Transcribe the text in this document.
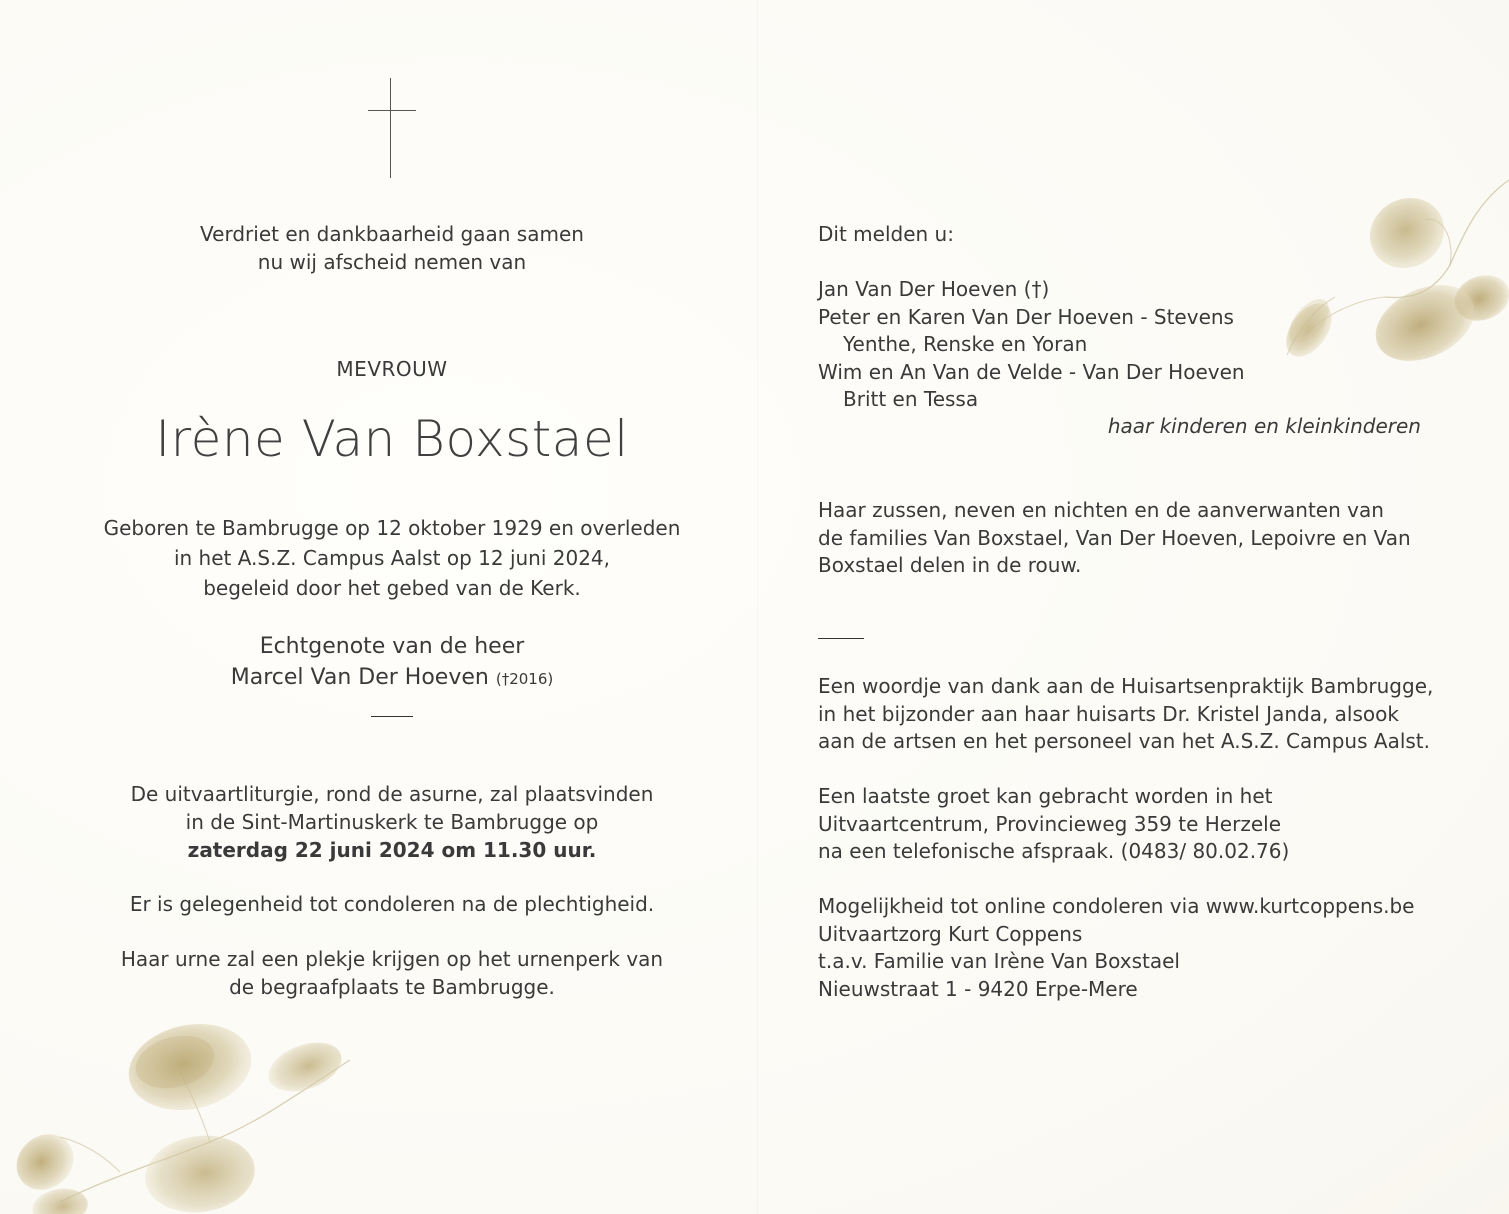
Verdriet en dankbaarheid gaan samen
nu wij afscheid nemen van
MEVROUW
Irène Van Boxstael
Geboren te Bambrugge op 12 oktober 1929 en overleden
in het A.S.Z. Campus Aalst op 12 juni 2024,
begeleid door het gebed van de Kerk.
Echtgenote van de heer
Marcel Van Der Hoeven (†2016)
De uitvaartliturgie, rond de asurne, zal plaatsvinden
in de Sint-Martinuskerk te Bambrugge op
zaterdag 22 juni 2024 om 11.30 uur.
Er is gelegenheid tot condoleren na de plechtigheid.
Haar urne zal een plekje krijgen op het urnenperk van
de begraafplaats te Bambrugge.
Dit melden u:
Jan Van Der Hoeven (†)
Peter en Karen Van Der Hoeven - Stevens
Yenthe, Renske en Yoran
Wim en An Van de Velde - Van Der Hoeven
Britt en Tessa
haar kinderen en kleinkinderen
Haar zussen, neven en nichten en de aanverwanten van
de families Van Boxstael, Van Der Hoeven, Lepoivre en Van
Boxstael delen in de rouw.
Een woordje van dank aan de Huisartsenpraktijk Bambrugge,
in het bijzonder aan haar huisarts Dr. Kristel Janda, alsook
aan de artsen en het personeel van het A.S.Z. Campus Aalst.
Een laatste groet kan gebracht worden in het
Uitvaartcentrum, Provincieweg 359 te Herzele
na een telefonische afspraak. (0483/ 80.02.76)
Mogelijkheid tot online condoleren via www.kurtcoppens.be
Uitvaartzorg Kurt Coppens
t.a.v. Familie van Irène Van Boxstael
Nieuwstraat 1 - 9420 Erpe-Mere
